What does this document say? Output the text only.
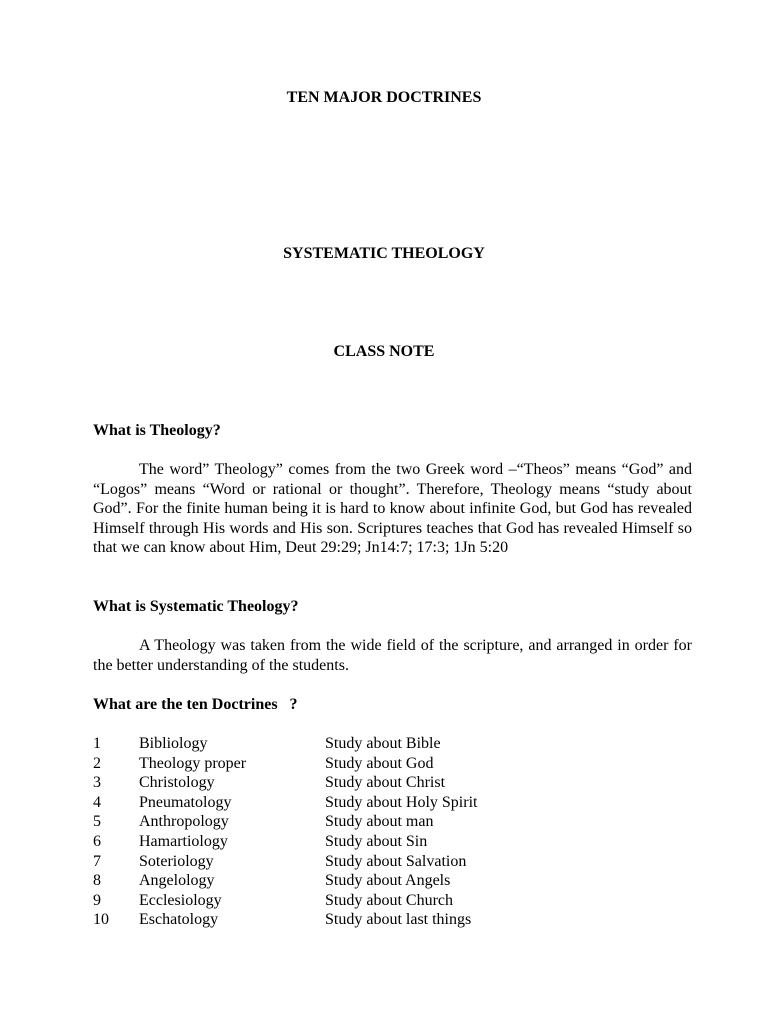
TEN MAJOR DOCTRINES
SYSTEMATIC THEOLOGY
CLASS NOTE
What is Theology?
The word” Theology” comes from the two Greek word –“Theos” means “God” and “Logos” means “Word or rational or thought”. Therefore, Theology means “study about God”. For the finite human being it is hard to know about infinite God, but God has revealed Himself through His words and His son. Scriptures teaches that God has revealed Himself so that we can know about Him, Deut 29:29; Jn14:7; 17:3; 1Jn 5:20
What is Systematic Theology?
A Theology was taken from the wide field of the scripture, and arranged in order for the better understanding of the students.
What are the ten Doctrines   ?
1 Bibliology	Study about Bible
2 Theology proper	Study about God
3 Christology	Study about Christ
4 Pneumatology	Study about Holy Spirit
5 Anthropology	Study about man
6 Hamartiology	Study about Sin
7 Soteriology	Study about Salvation
8 Angelology	Study about Angels
9 Ecclesiology	Study about Church
10 Eschatology	Study about last things
